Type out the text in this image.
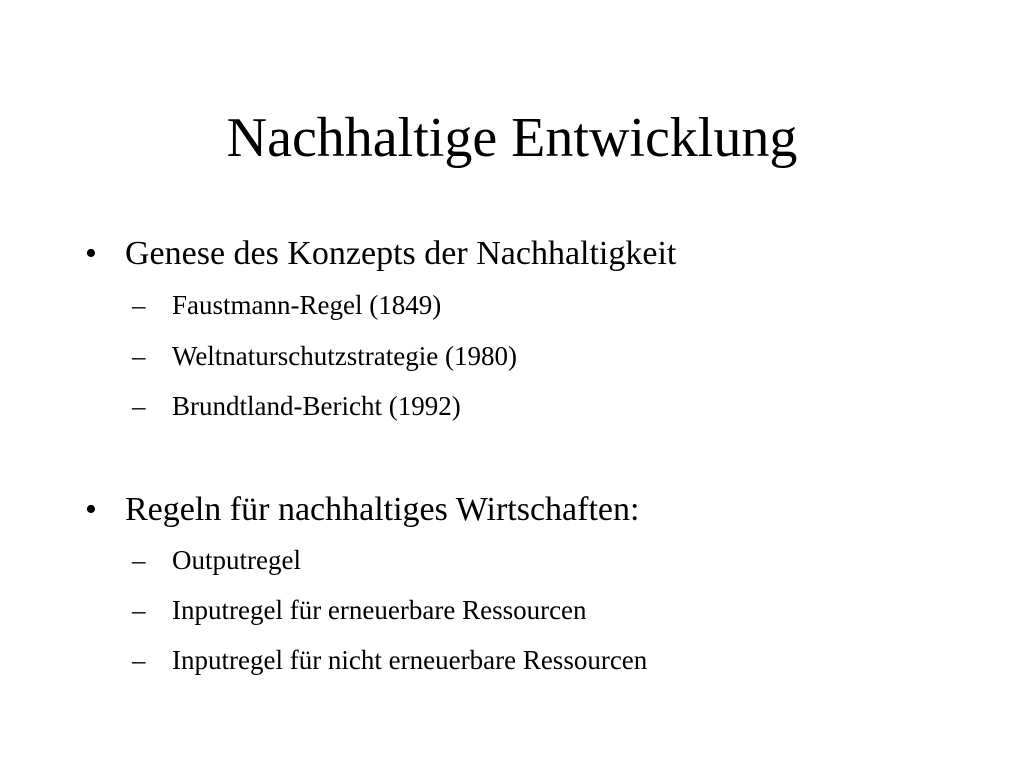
Nachhaltige Entwicklung
• Genese des Konzepts der Nachhaltigkeit
– Faustmann-Regel (1849)
– Weltnaturschutzstrategie (1980)
– Brundtland-Bericht (1992)
• Regeln für nachhaltiges Wirtschaften:
– Outputregel
– Inputregel für erneuerbare Ressourcen
– Inputregel für nicht erneuerbare Ressourcen
